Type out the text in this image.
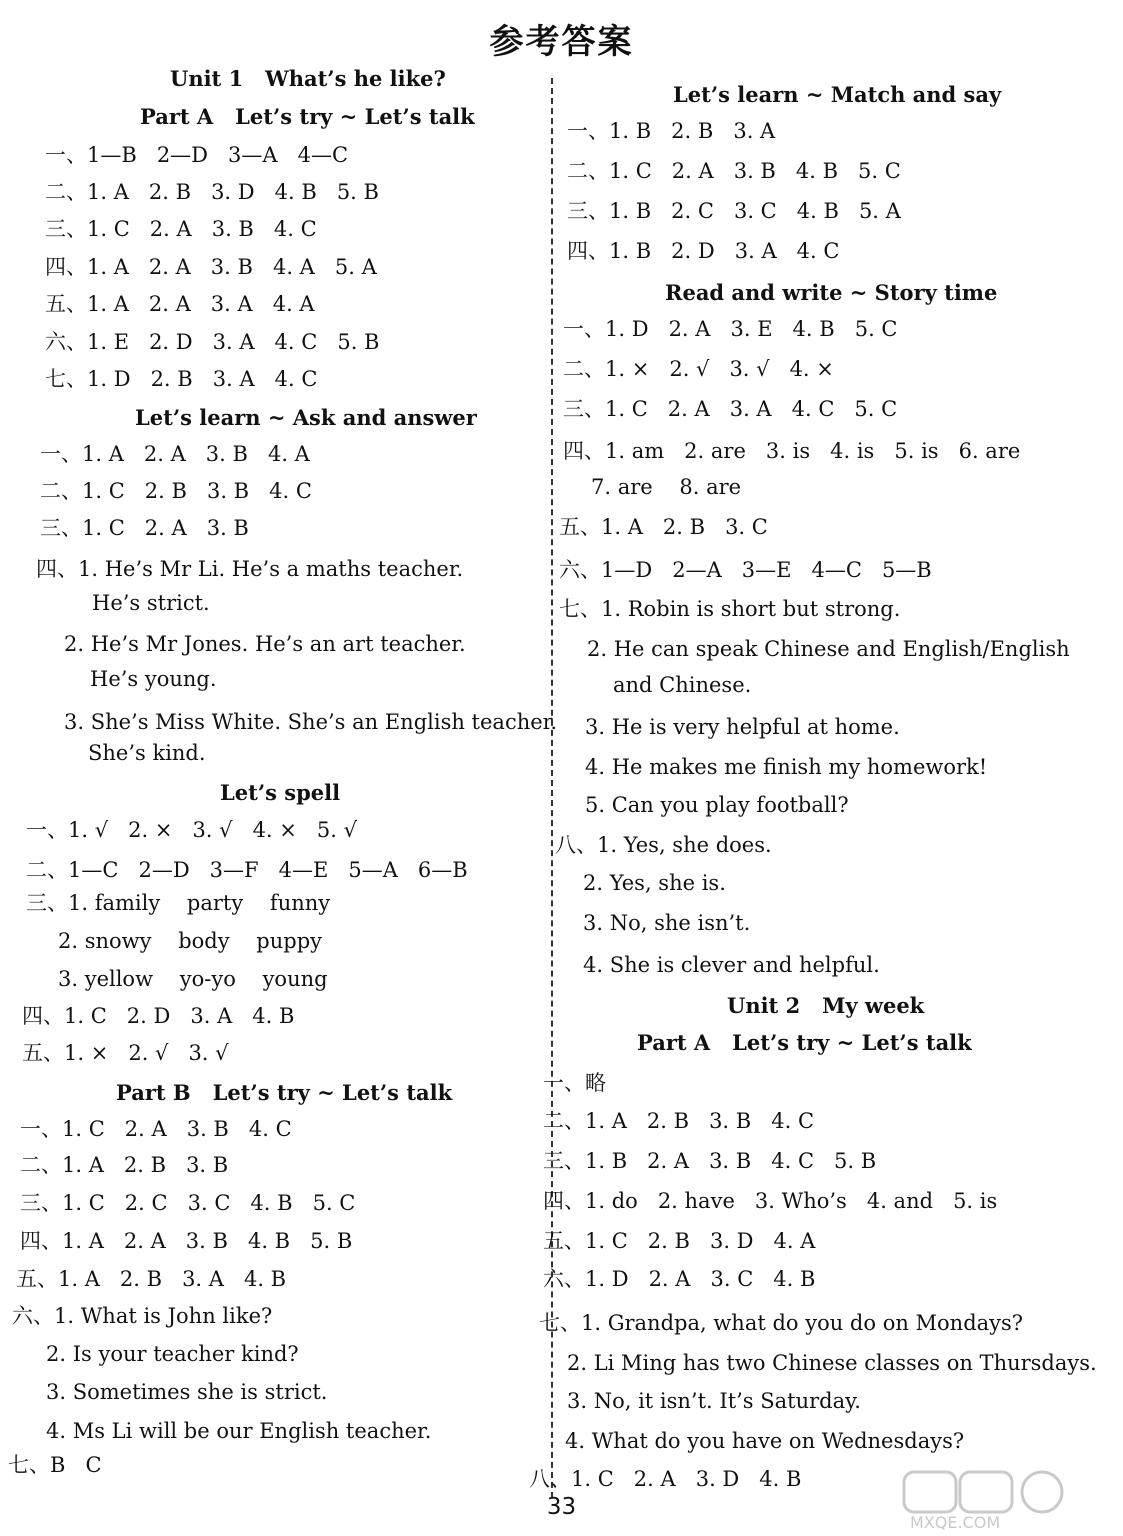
参考答案
Unit 1   What’s he like?
Part A   Let’s try ~ Let’s talk
一、1—B   2—D   3—A   4—C
二、1. A   2. B   3. D   4. B   5. B
三、1. C   2. A   3. B   4. C
四、1. A   2. A   3. B   4. A   5. A
五、1. A   2. A   3. A   4. A
六、1. E   2. D   3. A   4. C   5. B
七、1. D   2. B   3. A   4. C
Let’s learn ~ Ask and answer
一、1. A   2. A   3. B   4. A
二、1. C   2. B   3. B   4. C
三、1. C   2. A   3. B
四、1. He’s Mr Li. He’s a maths teacher.
He’s strict.
2. He’s Mr Jones. He’s an art teacher.
He’s young.
3. She’s Miss White. She’s an English teacher.
She’s kind.
Let’s spell
一、1. √   2. ×   3. √   4. ×   5. √
二、1—C   2—D   3—F   4—E   5—A   6—B
三、1. family    party    funny
2. snowy    body    puppy
3. yellow    yo-yo    young
四、1. C   2. D   3. A   4. B
五、1. ×   2. √   3. √
Part B   Let’s try ~ Let’s talk
一、1. C   2. A   3. B   4. C
二、1. A   2. B   3. B
三、1. C   2. C   3. C   4. B   5. C
四、1. A   2. A   3. B   4. B   5. B
五、1. A   2. B   3. A   4. B
六、1. What is John like?
2. Is your teacher kind?
3. Sometimes she is strict.
4. Ms Li will be our English teacher.
七、B   C
Let’s learn ~ Match and say
一、1. B   2. B   3. A
二、1. C   2. A   3. B   4. B   5. C
三、1. B   2. C   3. C   4. B   5. A
四、1. B   2. D   3. A   4. C
Read and write ~ Story time
一、1. D   2. A   3. E   4. B   5. C
二、1. ×   2. √   3. √   4. ×
三、1. C   2. A   3. A   4. C   5. C
四、1. am   2. are   3. is   4. is   5. is   6. are
7. are    8. are
五、1. A   2. B   3. C
六、1—D   2—A   3—E   4—C   5—B
七、1. Robin is short but strong.
2. He can speak Chinese and English/English
and Chinese.
3. He is very helpful at home.
4. He makes me finish my homework!
5. Can you play football?
八、1. Yes, she does.
2. Yes, she is.
3. No, she isn’t.
4. She is clever and helpful.
Unit 2   My week
Part A   Let’s try ~ Let’s talk
一、略
二、1. A   2. B   3. B   4. C
三、1. B   2. A   3. B   4. C   5. B
四、1. do   2. have   3. Who’s   4. and   5. is
五、1. C   2. B   3. D   4. A
六、1. D   2. A   3. C   4. B
七、1. Grandpa, what do you do on Mondays?
2. Li Ming has two Chinese classes on Thursdays.
3. No, it isn’t. It’s Saturday.
4. What do you have on Wednesdays?
八、1. C   2. A   3. D   4. B
33
MXQE.COM
